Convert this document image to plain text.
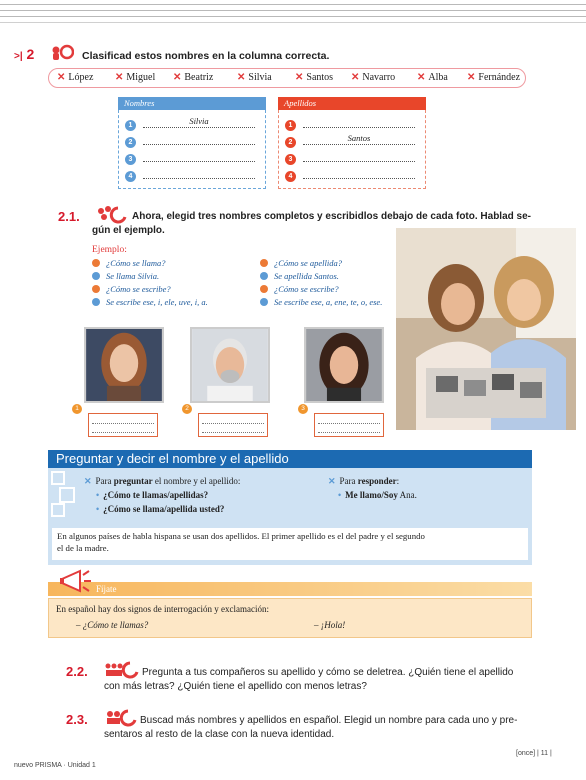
>| 2	Clasificad estos nombres en la columna correcta.
✕ López ✕ Miguel ✕ Beatriz ✕ Silvia ✕ Santos ✕ Navarro ✕ Alba ✕ Fernández
Nombres
1	Silvia
2
3
4
Apellidos
1
2	Santos
3
4
2.1.	Ahora, elegid tres nombres completos y escribidlos debajo de cada foto. Hablad se-
gún el ejemplo.
Ejemplo:
¿Cómo se llama?
Se llama Silvia.
¿Cómo se escribe?
Se escribe ese, i, ele, uve, i, a.
¿Cómo se apellida?
Se apellida Santos.
¿Cómo se escribe?
Se escribe ese, a, ene, te, o, ese.
1	2	3
Preguntar y decir el nombre y el apellido
✕ Para preguntar el nombre y el apellido:
• ¿Cómo te llamas/apellidas?
• ¿Cómo se llama/apellida usted?
✕ Para responder:
• Me llamo/Soy Ana.
En algunos países de habla hispana se usan dos apellidos. El primer apellido es el del padre y el segundo
el de la madre.
Fíjate
En español hay dos signos de interrogación y exclamación:
– ¿Cómo te llamas?	– ¡Hola!
2.2.	Pregunta a tus compañeros su apellido y cómo se deletrea. ¿Quién tiene el apellido
con más letras? ¿Quién tiene el apellido con menos letras?
2.3.	Buscad más nombres y apellidos en español. Elegid un nombre para cada uno y pre-
sentaros al resto de la clase con la nueva identidad.
nuevo PRISMA · Unidad 1
[once] | 11 |
